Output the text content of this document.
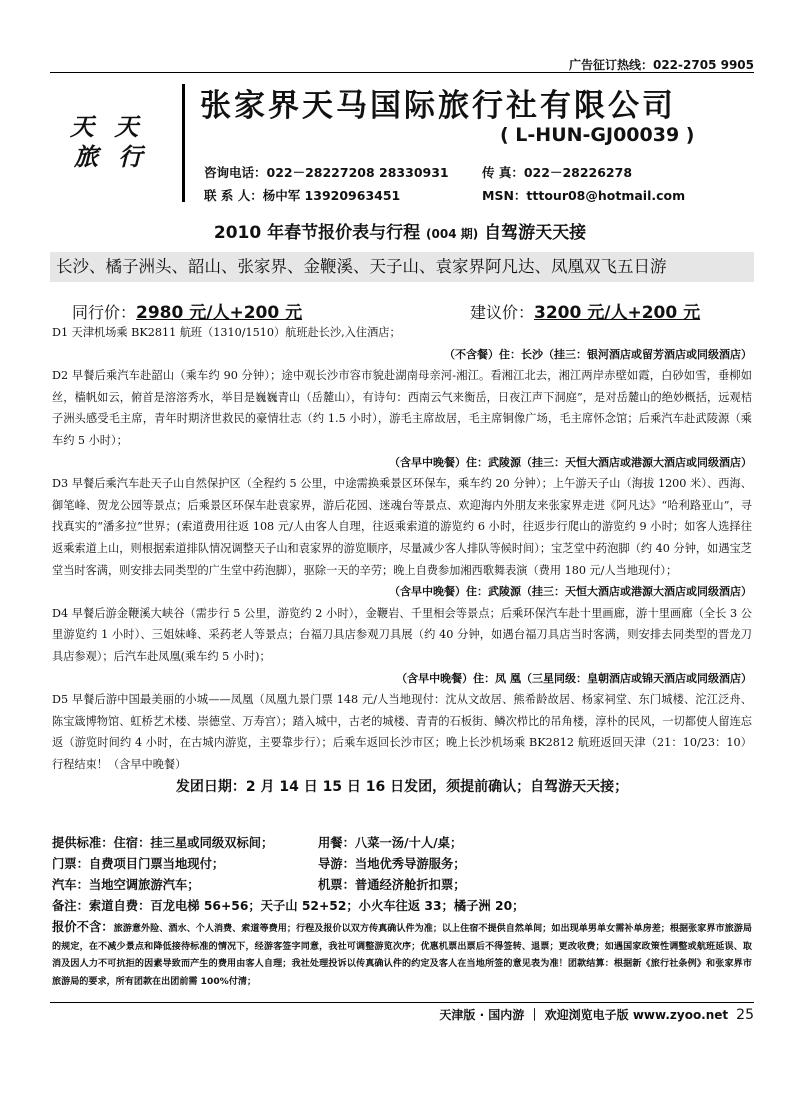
广告征订热线：022-2705 9905
天 天
旅 行
张家界天马国际旅行社有限公司
( L-HUN-GJ00039 )
咨询电话：022－28227208 28330931	传 真：022－28226278
联 系 人：杨中军 13920963451	MSN：tttour08@hotmail.com
2010 年春节报价表与行程 (004 期) 自驾游天天接
长沙、橘子洲头、韶山、张家界、金鞭溪、天子山、袁家界阿凡达、凤凰双飞五日游
同行价：2980 元/人+200 元	建议价：3200 元/人+200 元

D1 天津机场乘 BK2811 航班（1310/1510）航班赴长沙,入住酒店；

（不含餐）住：长沙（挂三：银河酒店或留芳酒店或同级酒店）

D2 早餐后乘汽车赴韶山（乘车约 90 分钟）；途中观长沙市容市貌赴湖南母亲河-湘江。看湘江北去，湘江两岸赤壁如霞，白砂如雪，垂柳如丝，樯帆如云，俯首是溶溶秀水，举目是巍巍青山（岳麓山），有诗句：西南云气来衡岳，日夜江声下洞庭”，是对岳麓山的绝妙概括，远观桔子洲头感受毛主席，青年时期济世救民的豪情壮志（约 1.5 小时），游毛主席故居，毛主席铜像广场，毛主席怀念馆；后乘汽车赴武陵源（乘车约 5 小时）；

（含早中晚餐）住：武陵源（挂三：天恒大酒店或港源大酒店或同级酒店）

D3 早餐后乘汽车赴天子山自然保护区（全程约 5 公里，中途需换乘景区环保车，乘车约 20 分钟）；上午游天子山（海拔 1200 米）、西海、御笔峰、贺龙公园等景点；后乘景区环保车赴袁家界，游后花园、迷魂台等景点、欢迎海内外朋友来张家界走进《阿凡达》“哈利路亚山”，寻找真实的“潘多拉”世界；(索道费用往返 108 元/人由客人自理，往返乘索道的游览约 6 小时，往返步行爬山的游览约 9 小时；如客人选择往返乘索道上山，则根据索道排队情况调整天子山和袁家界的游览顺序，尽量减少客人排队等候时间）；宝芝堂中药泡脚（约 40 分钟，如遇宝芝堂当时客满，则安排去同类型的广生堂中药泡脚），驱除一天的辛劳；晚上自费参加湘西歌舞表演（费用 180 元/人当地现付）；

（含早中晚餐）住：武陵源（挂三：天恒大酒店或港源大酒店或同级酒店）

D4 早餐后游金鞭溪大峡谷（需步行 5 公里，游览约 2 小时），金鞭岩、千里相会等景点；后乘环保汽车赴十里画廊，游十里画廊（全长 3 公里游览约 1 小时）、三姐妹峰、采药老人等景点；台福刀具店参观刀具展（约 40 分钟，如遇台福刀具店当时客满，则安排去同类型的晋龙刀具店参观）；后汽车赴凤凰(乘车约 5 小时)；

（含早中晚餐）住：凤 凰（三星同级：皇朝酒店或锦天酒店或同级酒店）

D5 早餐后游中国最美丽的小城——凤凰（凤凰九景门票 148 元/人当地现付：沈从文故居、熊希龄故居、杨家祠堂、东门城楼、沱江泛舟、陈宝箴博物馆、虹桥艺术楼、崇德堂、万寿宫）；踏入城中，古老的城楼、青青的石板街、鳞次栉比的吊角楼，淳朴的民风，一切都使人留连忘返（游览时间约 4 小时，在古城内游览，主要靠步行）；后乘车返回长沙市区；晚上长沙机场乘 BK2812 航班返回天津（21：10/23：10）行程结束！（含早中晚餐）

发团日期：2 月 14 日 15 日 16 日发团，须提前确认；自驾游天天接；

提供标准：住宿：挂三星或同级双标间；	用餐：八菜一汤/十人/桌；
门票：自费项目门票当地现付；	导游：当地优秀导游服务；
汽车：当地空调旅游汽车；	机票：普通经济舱折扣票；
备注：索道自费：百龙电梯 56+56；天子山 52+52；小火车往返 33；橘子洲 20；
报价不含：旅游意外险、酒水、个人消费、索道等费用；行程及报价以双方传真确认件为准；以上住宿不提供自然单间；如出现单男单女需补单房差；根据张家界市旅游局的规定，在不减少景点和降低接待标准的情况下，经游客签字同意，我社可调整游览次序；优惠机票出票后不得签转、退票；更改收费；如遇国家政策性调整或航班延误、取消及因人力不可抗拒的因素导致而产生的费用由客人自理；我社处理投诉以传真确认件的约定及客人在当地所签的意见表为准！团款结算：根据新《旅行社条例》和张家界市旅游局的要求，所有团款在出团前需 100%付清；
天津版 · 国内游 ｜ 欢迎浏览电子版 www.zyoo.net 25
